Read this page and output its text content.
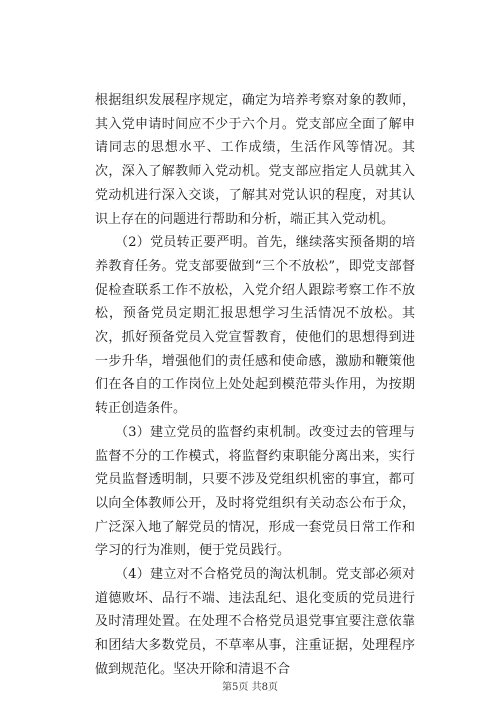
根据组织发展程序规定，确定为培养考察对象的教师，其入党申请时间应不少于六个月。党支部应全面了解申请同志的思想水平、工作成绩，生活作风等情况。其次，深入了解教师入党动机。党支部应指定人员就其入党动机进行深入交谈，了解其对党认识的程度，对其认识上存在的问题进行帮助和分析，端正其入党动机。

　　（2）党员转正要严明。首先，继续落实预备期的培养教育任务。党支部要做到“三个不放松”，即党支部督促检查联系工作不放松，入党介绍人跟踪考察工作不放松，预备党员定期汇报思想学习生活情况不放松。其次，抓好预备党员入党宣誓教育，使他们的思想得到进一步升华，增强他们的责任感和使命感，激励和鞭策他们在各自的工作岗位上处处起到模范带头作用，为按期转正创造条件。

　　（3）建立党员的监督约束机制。改变过去的管理与监督不分的工作模式，将监督约束职能分离出来，实行党员监督透明制，只要不涉及党组织机密的事宜，都可以向全体教师公开，及时将党组织有关动态公布于众，广泛深入地了解党员的情况，形成一套党员日常工作和学习的行为准则，便于党员践行。

　　（4）建立对不合格党员的淘汰机制。党支部必须对道德败坏、品行不端、违法乱纪、退化变质的党员进行及时清理处置。在处理不合格党员退党事宜要注意依靠和团结大多数党员，不草率从事，注重证据，处理程序做到规范化。坚决开除和清退不合

第5页 共8页
